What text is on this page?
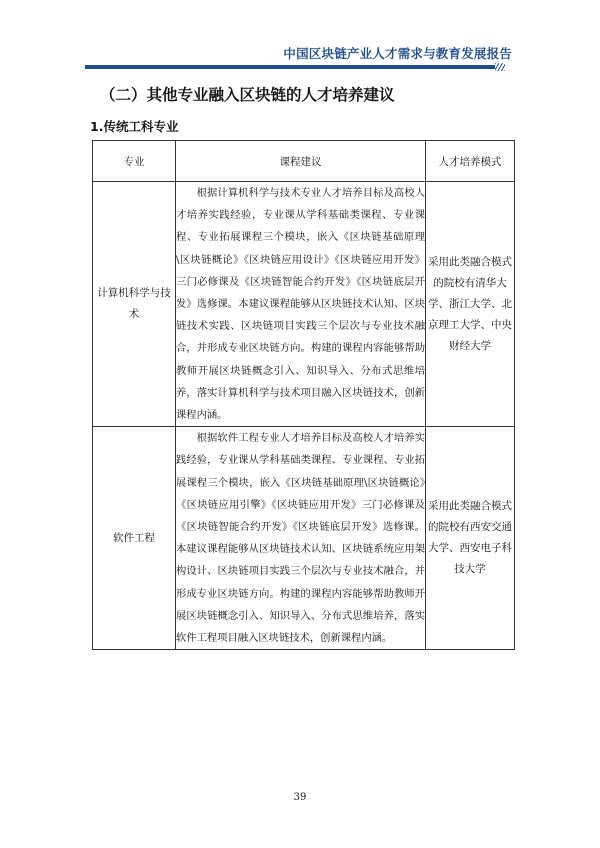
中国区块链产业人才需求与教育发展报告
（二）其他专业融入区块链的人才培养建议
1.传统工科专业
专业	课程建议	人才培养模式
计算机科学与技术	根据计算机科学与技术专业人才培养目标及高校人才培养实践经验，专业课从学科基础类课程、专业课程、专业拓展课程三个模块，嵌入《区块链基础原理\区块链概论》《区块链应用设计》《区块链应用开发》三门必修课及《区块链智能合约开发》《区块链底层开发》选修课。本建议课程能够从区块链技术认知、区块链技术实践、区块链项目实践三个层次与专业技术融合，并形成专业区块链方向。构建的课程内容能够帮助教师开展区块链概念引入、知识导入、分布式思维培养，落实计算机科学与技术项目融入区块链技术，创新课程内涵。	采用此类融合模式的院校有清华大学、浙江大学、北京理工大学、中央财经大学
软件工程	根据软件工程专业人才培养目标及高校人才培养实践经验，专业课从学科基础类课程、专业课程、专业拓展课程三个模块，嵌入《区块链基础原理\区块链概论》《区块链应用引擎》《区块链应用开发》三门必修课及《区块链智能合约开发》《区块链底层开发》选修课。本建议课程能够从区块链技术认知、区块链系统应用架构设计、区块链项目实践三个层次与专业技术融合，并形成专业区块链方向。构建的课程内容能够帮助教师开展区块链概念引入、知识导入、分布式思维培养，落实软件工程项目融入区块链技术，创新课程内涵。	采用此类融合模式的院校有西安交通大学、西安电子科技大学
39
